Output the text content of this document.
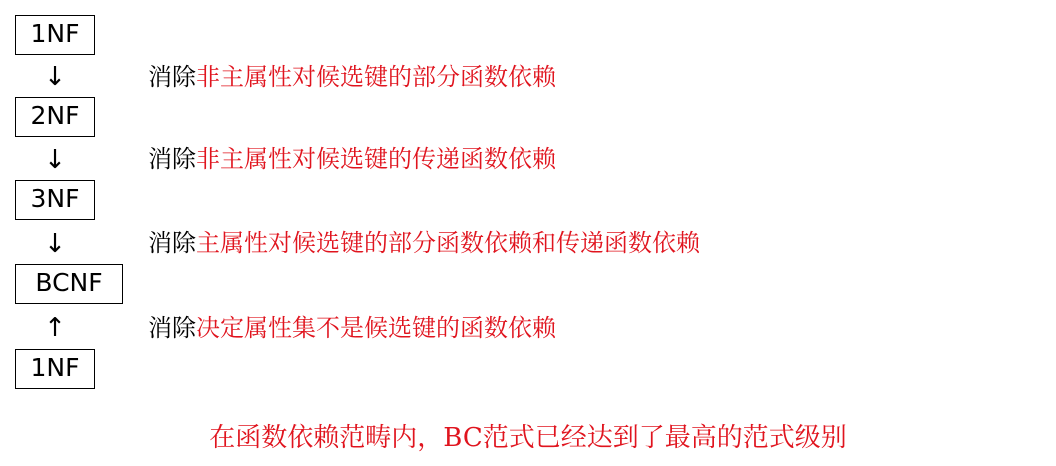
1NF
2NF
3NF
BCNF
1NF
↓
↓
↓
↑
消除非主属性对候选键的部分函数依赖
消除非主属性对候选键的传递函数依赖
消除主属性对候选键的部分函数依赖和传递函数依赖
消除决定属性集不是候选键的函数依赖
在函数依赖范畴内，BC范式已经达到了最高的范式级别
